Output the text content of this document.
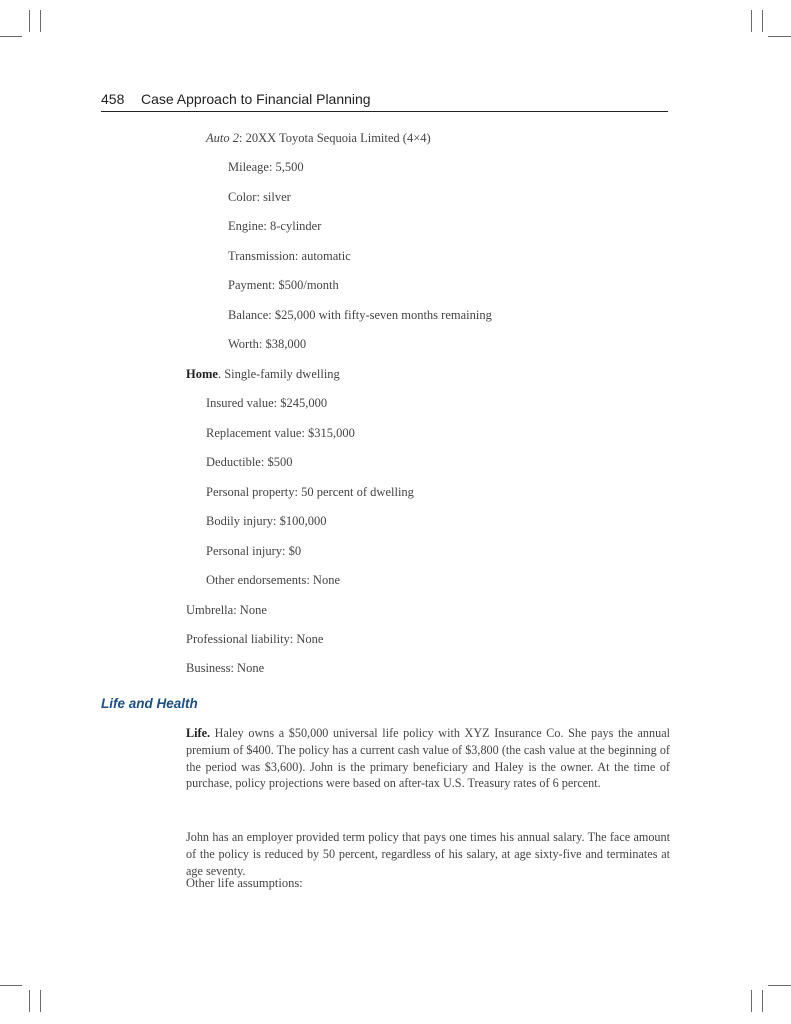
458 Case Approach to Financial Planning
Auto 2: 20XX Toyota Sequoia Limited (4×4)
Mileage: 5,500
Color: silver
Engine: 8-cylinder
Transmission: automatic
Payment: $500/month
Balance: $25,000 with fifty-seven months remaining
Worth: $38,000
Home. Single-family dwelling
Insured value: $245,000
Replacement value: $315,000
Deductible: $500
Personal property: 50 percent of dwelling
Bodily injury: $100,000
Personal injury: $0
Other endorsements: None
Umbrella: None
Professional liability: None
Business: None
Life and Health
Life. Haley owns a $50,000 universal life policy with XYZ Insurance Co. She pays the annual premium of $400. The policy has a current cash value of $3,800 (the cash value at the beginning of the period was $3,600). John is the primary beneficiary and Haley is the owner. At the time of purchase, policy projections were based on after-tax U.S. Treasury rates of 6 percent.
John has an employer provided term policy that pays one times his annual salary. The face amount of the policy is reduced by 50 percent, regardless of his salary, at age sixty-five and terminates at age seventy.
Other life assumptions:
